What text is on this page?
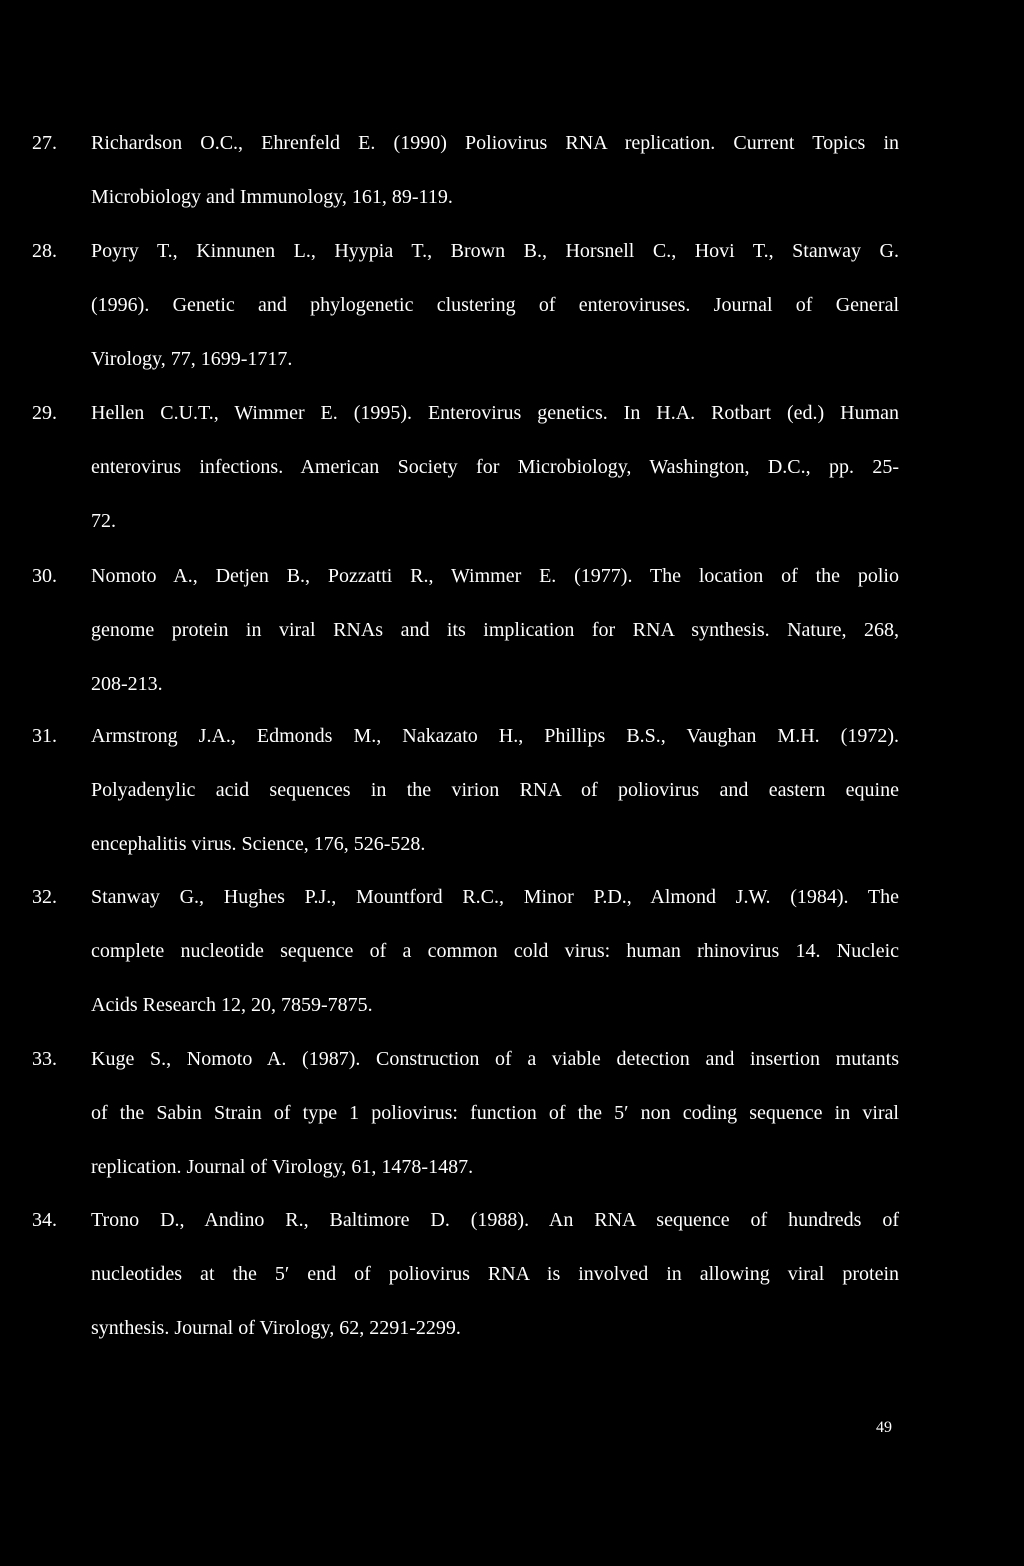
27. Richardson O.C., Ehrenfeld E. (1990) Poliovirus RNA replication. Current Topics in
Microbiology and Immunology, 161, 89-119.
28. Poyry T., Kinnunen L., Hyypia T., Brown B., Horsnell C., Hovi T., Stanway G.
(1996). Genetic and phylogenetic clustering of enteroviruses. Journal of General
Virology, 77, 1699-1717.
29. Hellen C.U.T., Wimmer E. (1995). Enterovirus genetics. In H.A. Rotbart (ed.) Human
enterovirus infections. American Society for Microbiology, Washington, D.C., pp. 25-
72.
30. Nomoto A., Detjen B., Pozzatti R., Wimmer E. (1977). The location of the polio
genome protein in viral RNAs and its implication for RNA synthesis. Nature, 268,
208-213.
31. Armstrong J.A., Edmonds M., Nakazato H., Phillips B.S., Vaughan M.H. (1972).
Polyadenylic acid sequences in the virion RNA of poliovirus and eastern equine
encephalitis virus. Science, 176, 526-528.
32. Stanway G., Hughes P.J., Mountford R.C., Minor P.D., Almond J.W. (1984). The
complete nucleotide sequence of a common cold virus: human rhinovirus 14. Nucleic
Acids Research 12, 20, 7859-7875.
33. Kuge S., Nomoto A. (1987). Construction of a viable detection and insertion mutants
of the Sabin Strain of type 1 poliovirus: function of the 5′ non coding sequence in viral
replication. Journal of Virology, 61, 1478-1487.
34. Trono D., Andino R., Baltimore D. (1988). An RNA sequence of hundreds of
nucleotides at the 5′ end of poliovirus RNA is involved in allowing viral protein
synthesis. Journal of Virology, 62, 2291-2299.
49
